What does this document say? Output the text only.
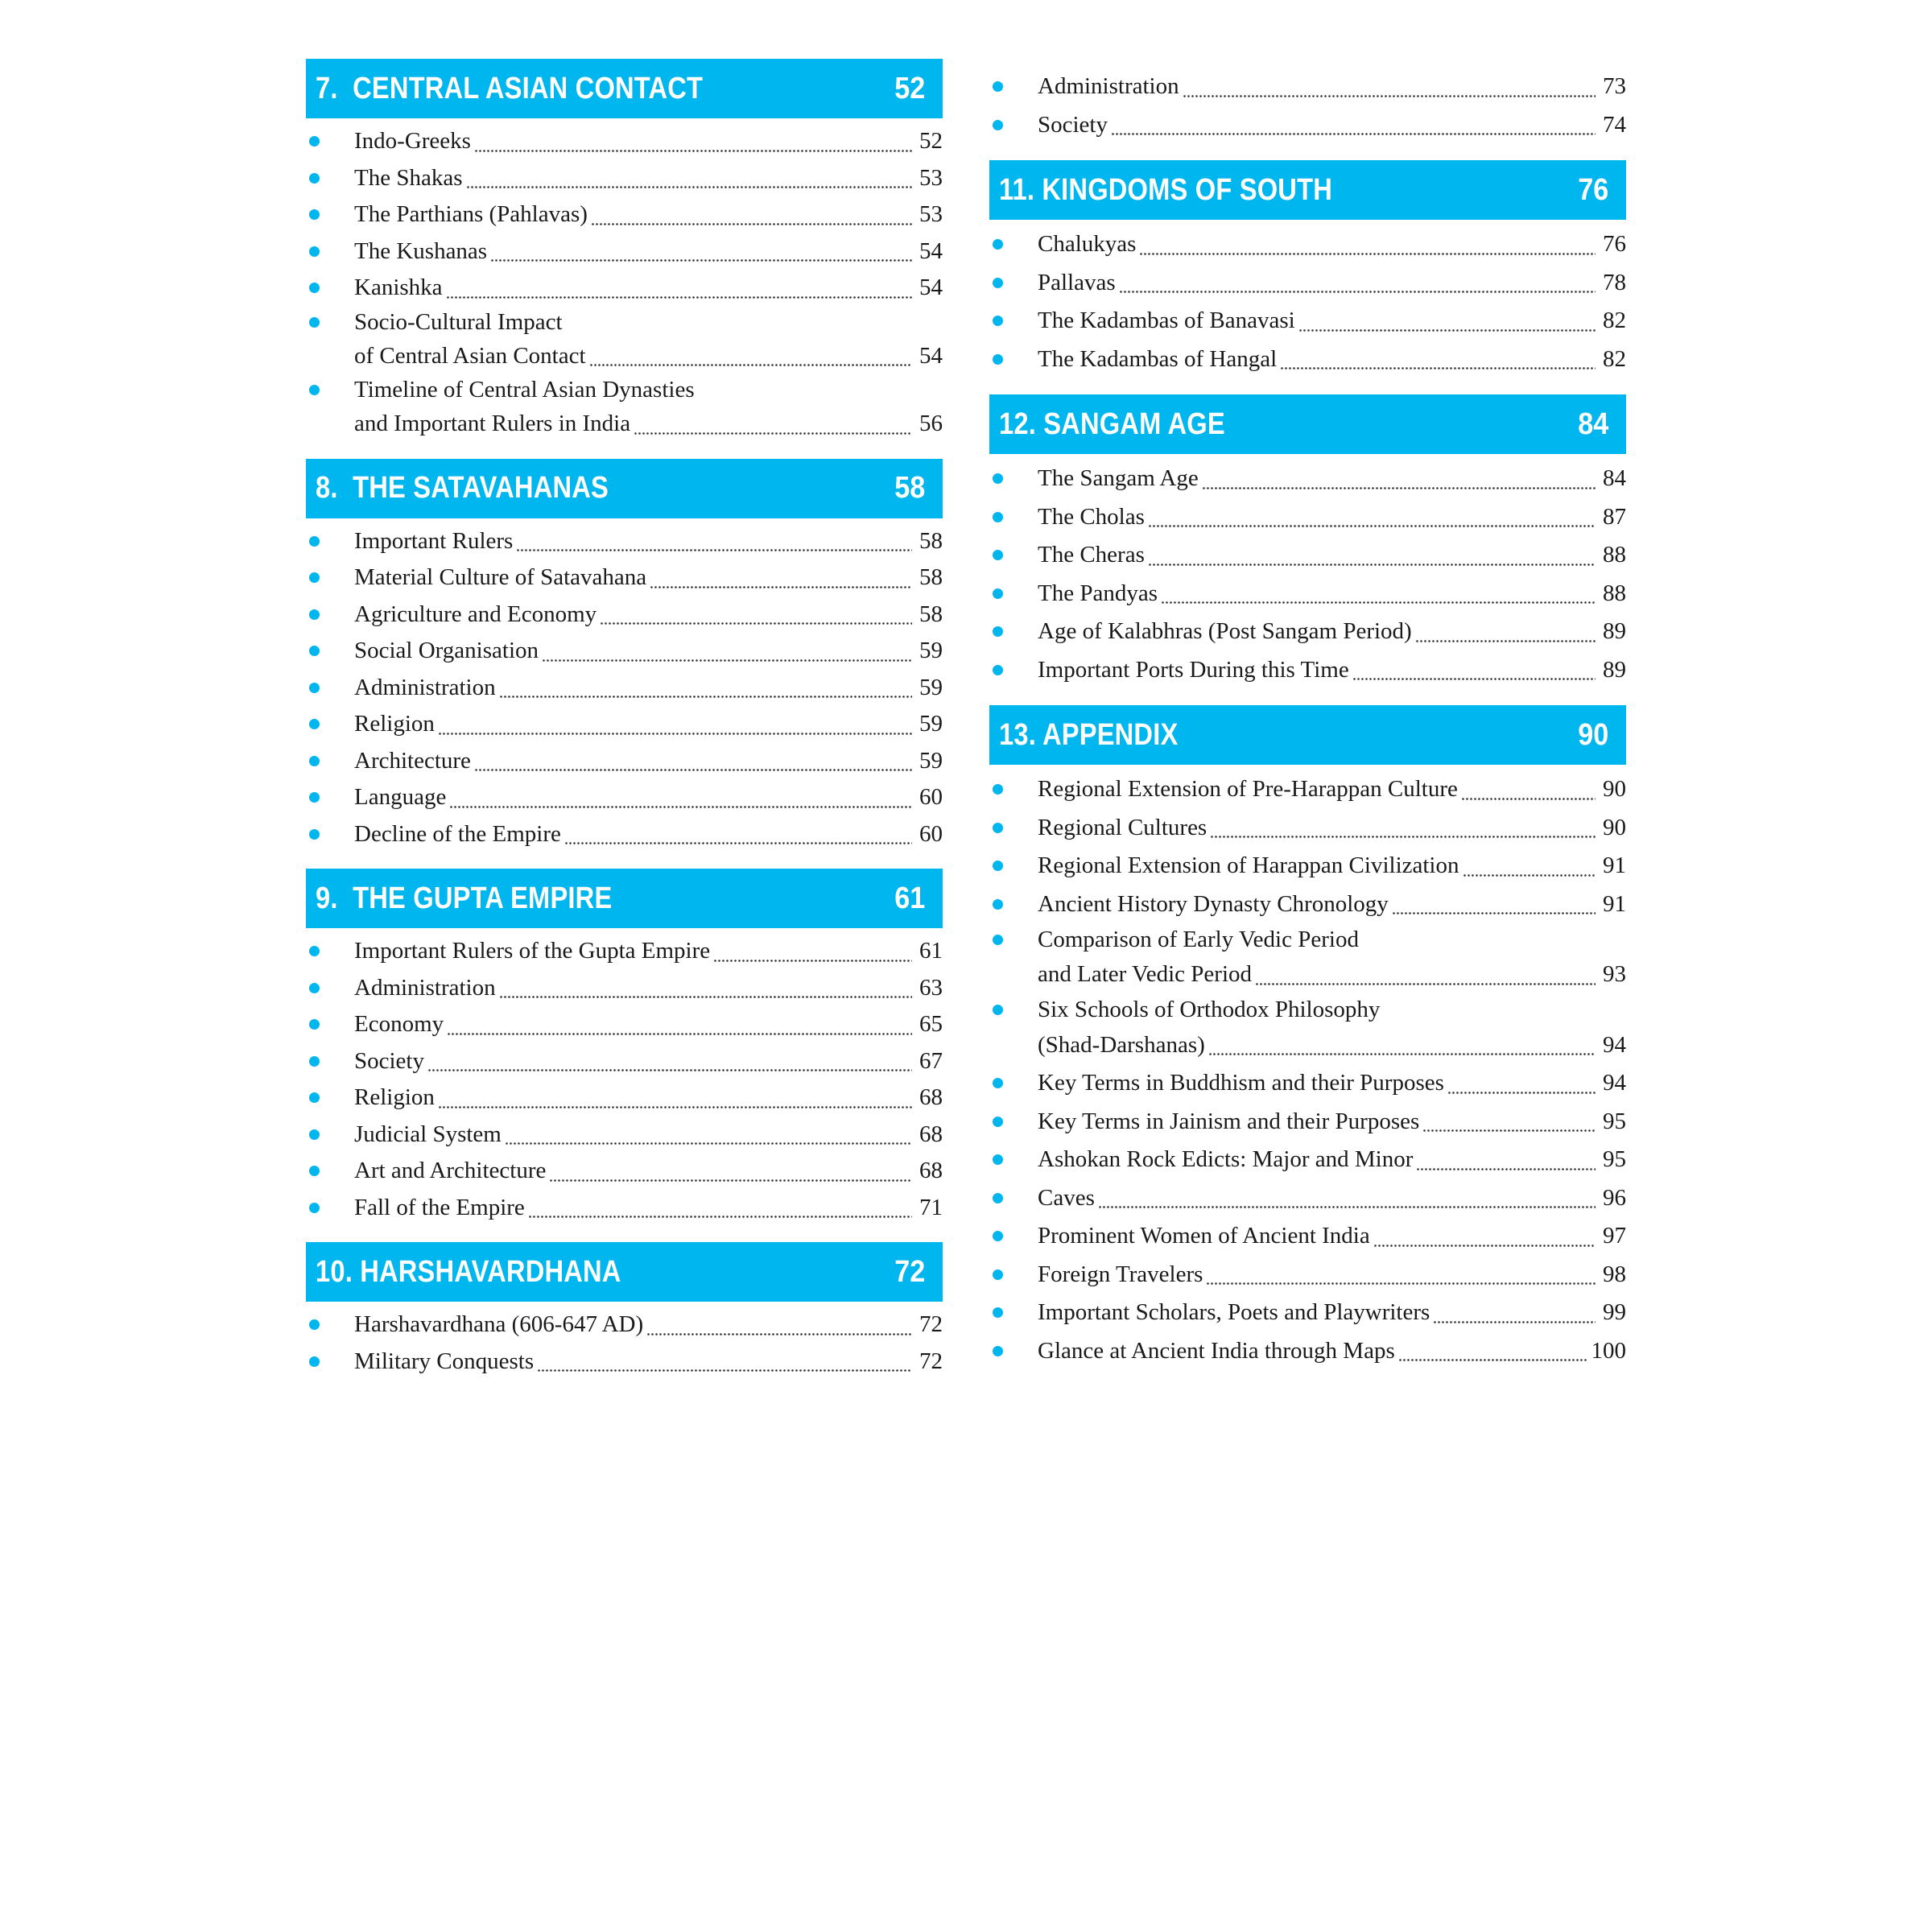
7.  CENTRAL ASIAN CONTACT	52
Indo-Greeks	52
The Shakas	53
The Parthians (Pahlavas)	53
The Kushanas	54
Kanishka	54
Socio-Cultural Impact
of Central Asian Contact	54
Timeline of Central Asian Dynasties
and Important Rulers in India	56
8.  THE SATAVAHANAS	58
Important Rulers	58
Material Culture of Satavahana	58
Agriculture and Economy	58
Social Organisation	59
Administration	59
Religion	59
Architecture	59
Language	60
Decline of the Empire	60
9.  THE GUPTA EMPIRE	61
Important Rulers of the Gupta Empire	61
Administration	63
Economy	65
Society	67
Religion	68
Judicial System	68
Art and Architecture	68
Fall of the Empire	71
10. HARSHAVARDHANA	72
Harshavardhana (606-647 AD)	72
Military Conquests	72
Administration	73
Society	74
11. KINGDOMS OF SOUTH	76
Chalukyas	76
Pallavas	78
The Kadambas of Banavasi	82
The Kadambas of Hangal	82
12. SANGAM AGE	84
The Sangam Age	84
The Cholas	87
The Cheras	88
The Pandyas	88
Age of Kalabhras (Post Sangam Period)	89
Important Ports During this Time	89
13. APPENDIX	90
Regional Extension of Pre-Harappan Culture	90
Regional Cultures	90
Regional Extension of Harappan Civilization	91
Ancient History Dynasty Chronology	91
Comparison of Early Vedic Period
and Later Vedic Period	93
Six Schools of Orthodox Philosophy
(Shad-Darshanas)	94
Key Terms in Buddhism and their Purposes	94
Key Terms in Jainism and their Purposes	95
Ashokan Rock Edicts: Major and Minor	95
Caves	96
Prominent Women of Ancient India	97
Foreign Travelers	98
Important Scholars, Poets and Playwriters	99
Glance at Ancient India through Maps	100
